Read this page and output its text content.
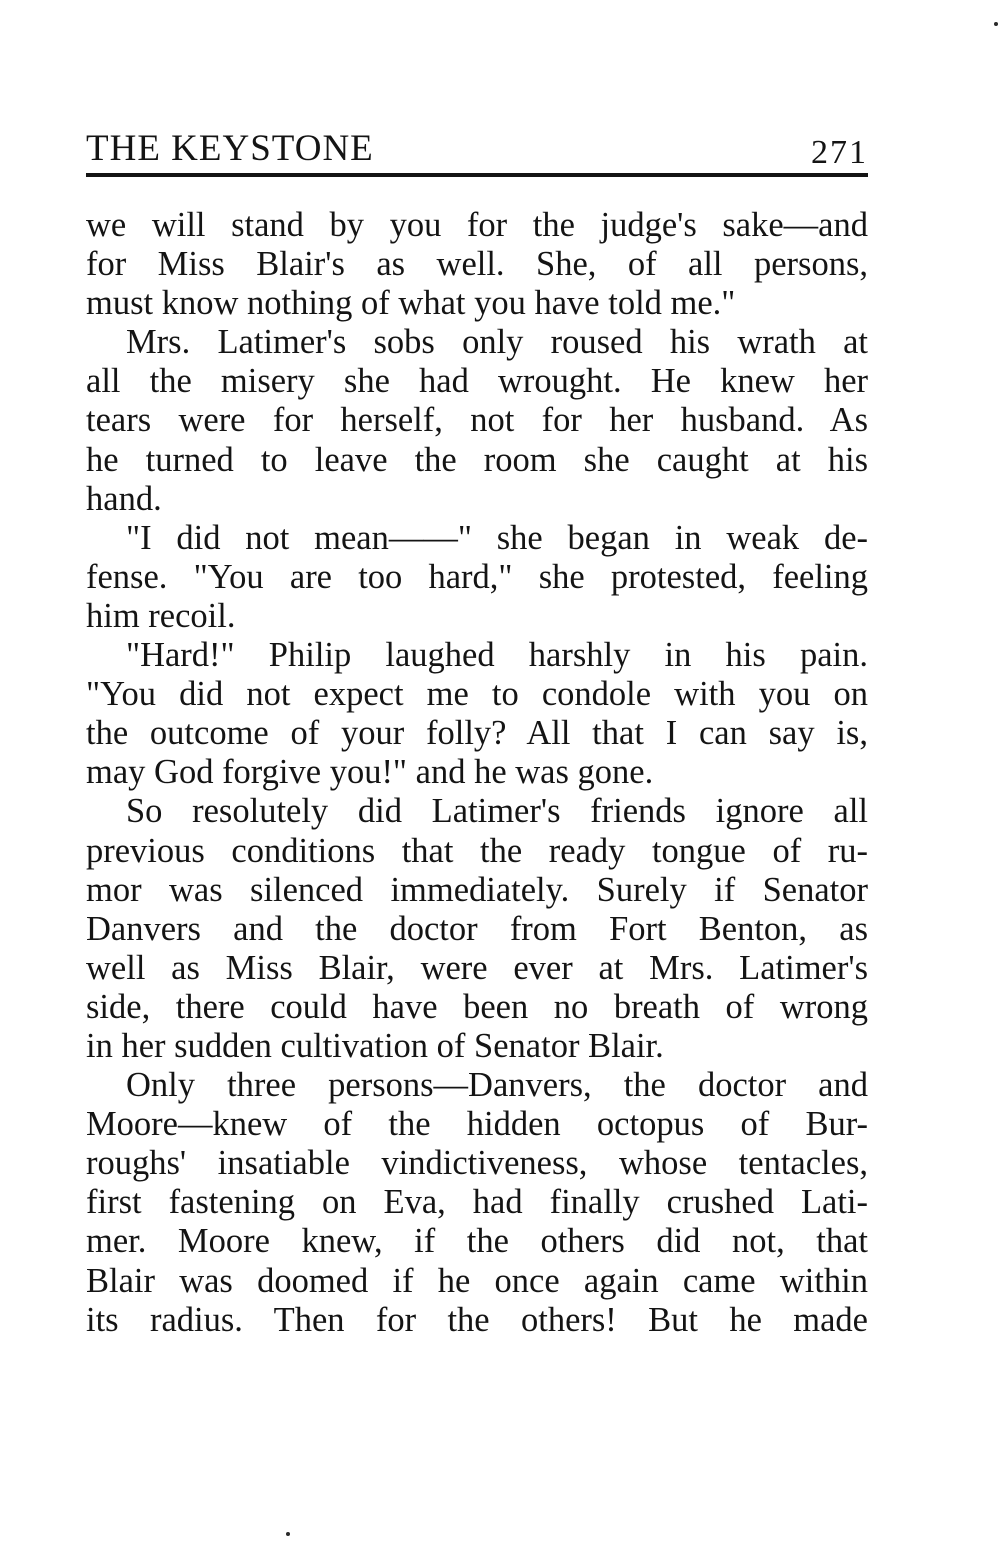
THE KEYSTONE	271
we will stand by you for the judge's sake—and
for Miss Blair's as well. She, of all persons,
must know nothing of what you have told me."
Mrs. Latimer's sobs only roused his wrath at
all the misery she had wrought. He knew her
tears were for herself, not for her husband. As
he turned to leave the room she caught at his
hand.
"I did not mean——" she began in weak de-
fense. "You are too hard," she protested, feeling
him recoil.
"Hard!" Philip laughed harshly in his pain.
"You did not expect me to condole with you on
the outcome of your folly? All that I can say is,
may God forgive you!" and he was gone.
So resolutely did Latimer's friends ignore all
previous conditions that the ready tongue of ru-
mor was silenced immediately. Surely if Senator
Danvers and the doctor from Fort Benton, as
well as Miss Blair, were ever at Mrs. Latimer's
side, there could have been no breath of wrong
in her sudden cultivation of Senator Blair.
Only three persons—Danvers, the doctor and
Moore—knew of the hidden octopus of Bur-
roughs' insatiable vindictiveness, whose tentacles,
first fastening on Eva, had finally crushed Lati-
mer. Moore knew, if the others did not, that
Blair was doomed if he once again came within
its radius. Then for the others! But he made
